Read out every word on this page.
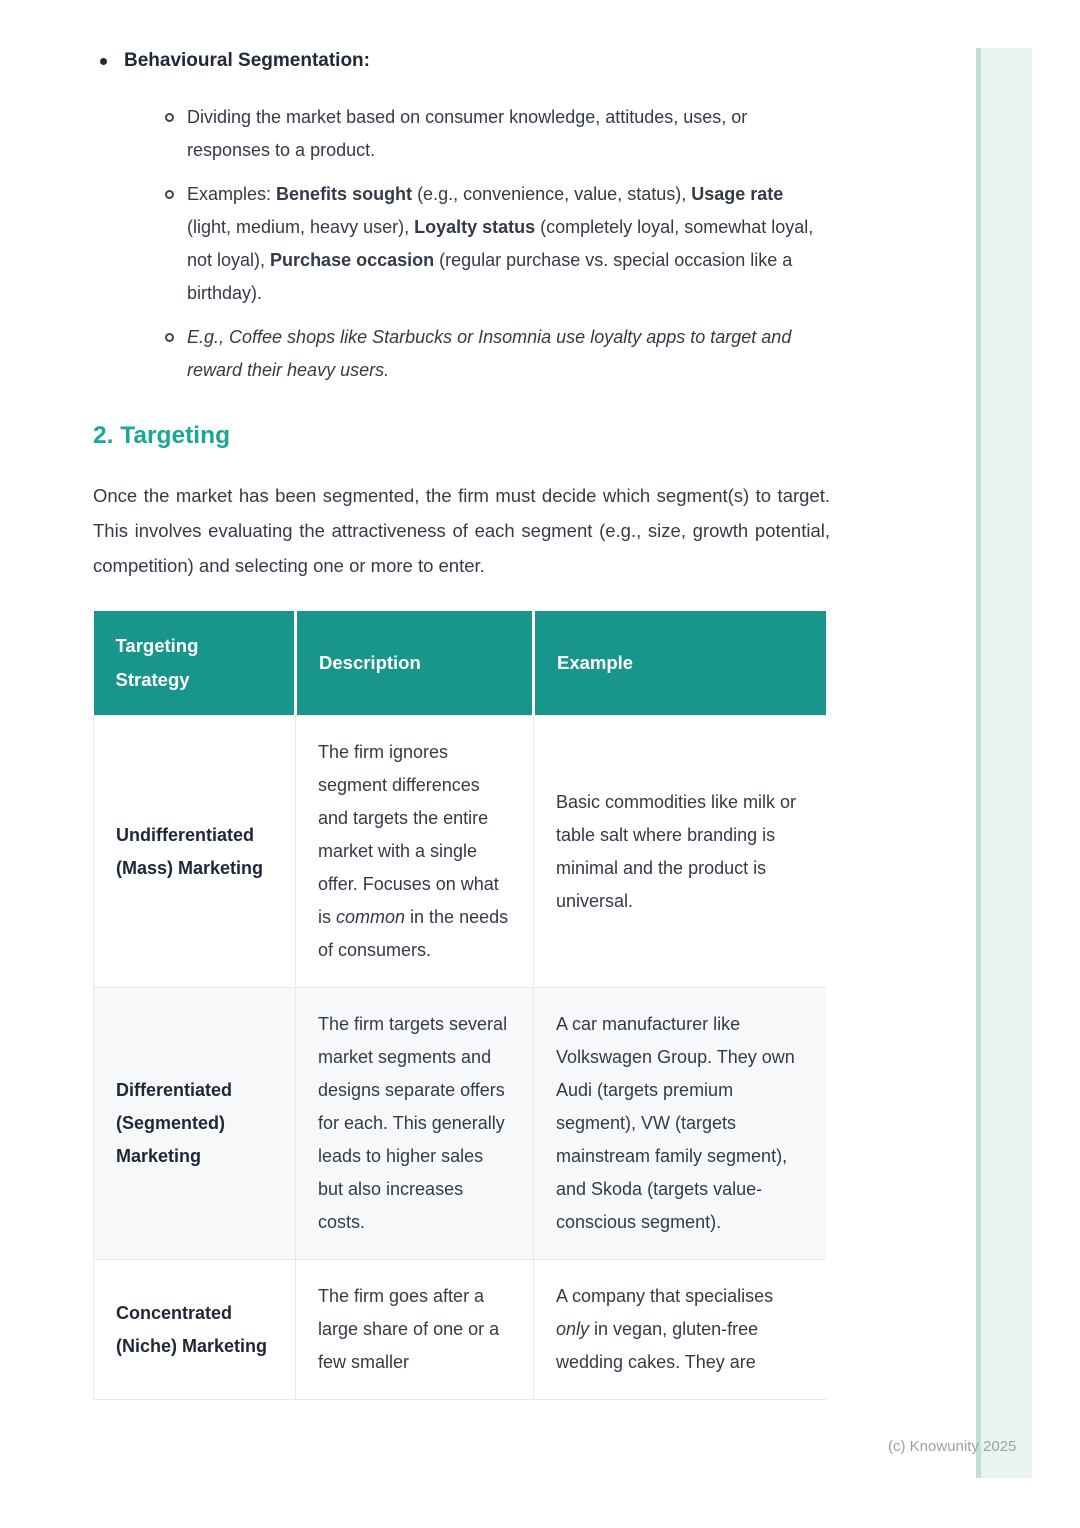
Behavioural Segmentation:
Dividing the market based on consumer knowledge, attitudes, uses, or responses to a product.
Examples: Benefits sought (e.g., convenience, value, status), Usage rate (light, medium, heavy user), Loyalty status (completely loyal, somewhat loyal, not loyal), Purchase occasion (regular purchase vs. special occasion like a birthday).
E.g., Coffee shops like Starbucks or Insomnia use loyalty apps to target and reward their heavy users.
2. Targeting

Once the market has been segmented, the firm must decide which segment(s) to target. This involves evaluating the attractiveness of each segment (e.g., size, growth potential, competition) and selecting one or more to enter.

Targeting Strategy	Description	Example
Undifferentiated (Mass) Marketing	The firm ignores segment differences and targets the entire market with a single offer. Focuses on what is common in the needs of consumers.	Basic commodities like milk or table salt where branding is minimal and the product is universal.
Differentiated (Segmented) Marketing	The firm targets several market segments and designs separate offers for each. This generally leads to higher sales but also increases costs.	A car manufacturer like Volkswagen Group. They own Audi (targets premium segment), VW (targets mainstream family segment), and Skoda (targets value-conscious segment).
Concentrated (Niche) Marketing	The firm goes after a large share of one or a few smaller	A company that specialises only in vegan, gluten-free wedding cakes. They are
(c) Knowunity 2025
